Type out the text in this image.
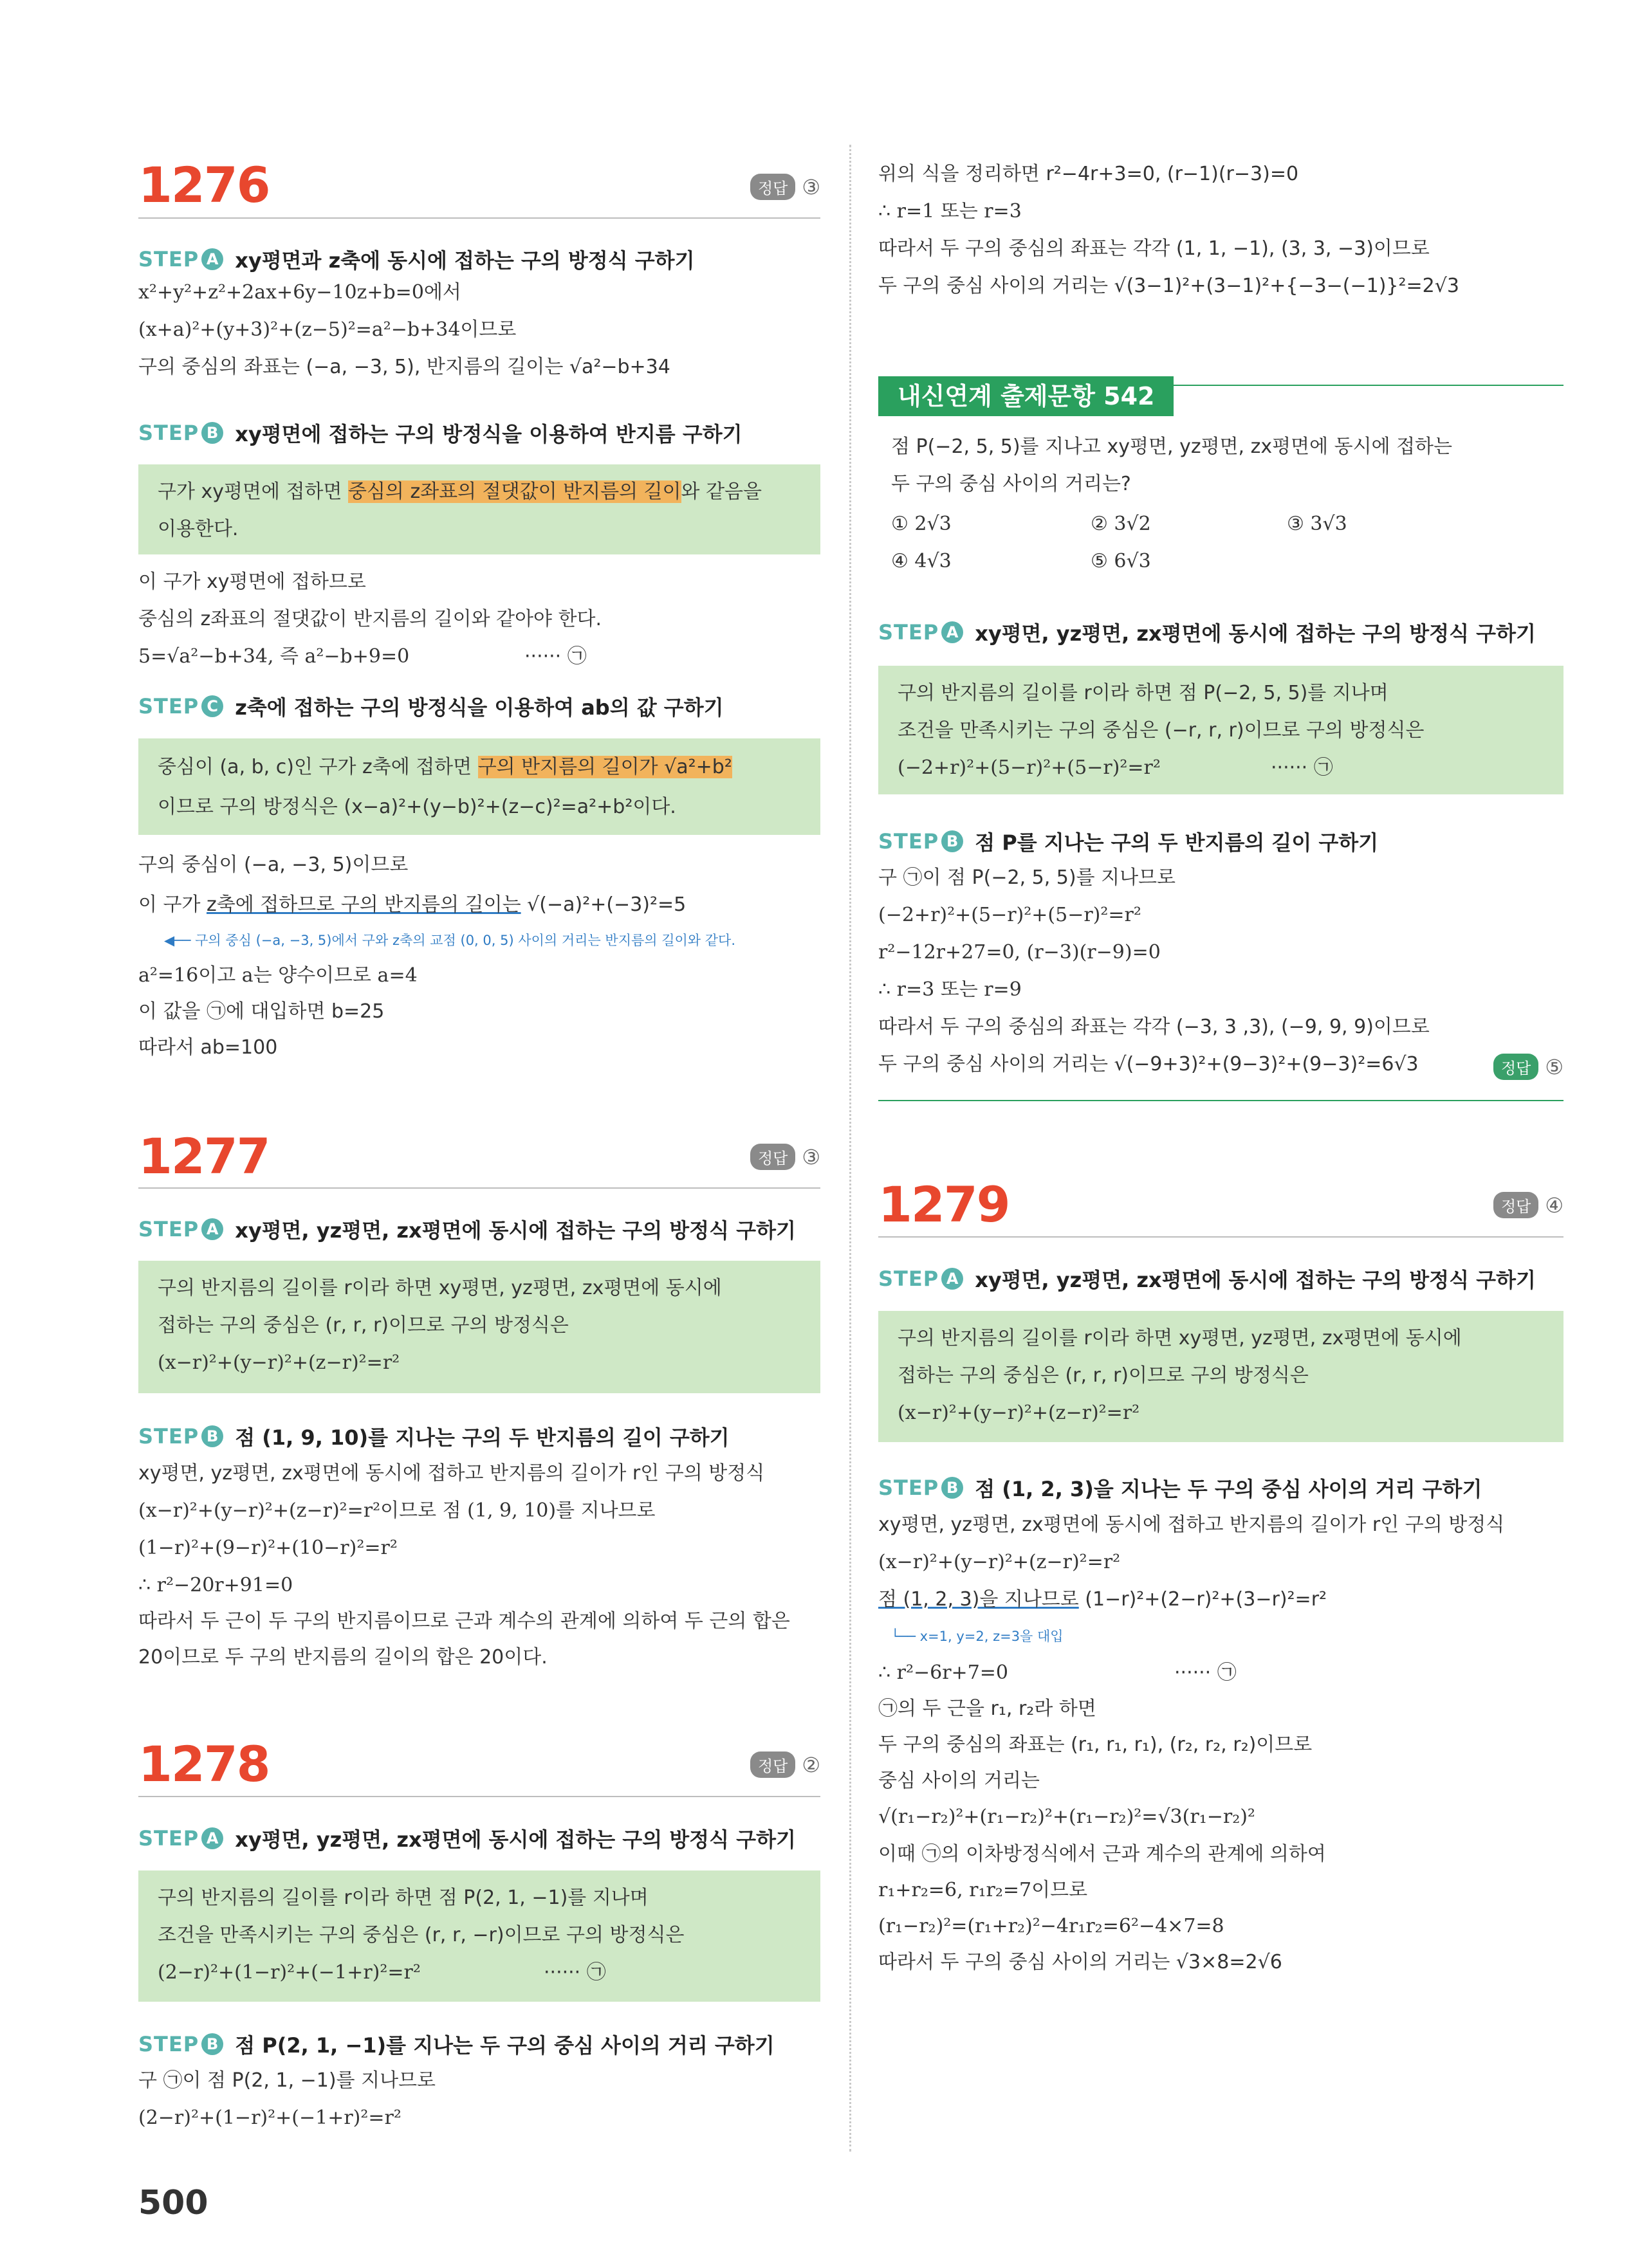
1276	정답 ③
STEP A xy평면과 z축에 동시에 접하는 구의 방정식 구하기
x²+y²+z²+2ax+6y−10z+b=0에서
(x+a)²+(y+3)²+(z−5)²=a²−b+34이므로
구의 중심의 좌표는 (−a, −3, 5), 반지름의 길이는 √a²−b+34
STEP B xy평면에 접하는 구의 방정식을 이용하여 반지름 구하기
구가 xy평면에 접하면 중심의 z좌표의 절댓값이 반지름의 길이와 같음을
이용한다.
이 구가 xy평면에 접하므로
중심의 z좌표의 절댓값이 반지름의 길이와 같아야 한다.
5=√a²−b+34, 즉 a²−b+9=0	······ ㉠
STEP C z축에 접하는 구의 방정식을 이용하여 ab의 값 구하기
중심이 (a, b, c)인 구가 z축에 접하면 구의 반지름의 길이가 √a²+b²
이므로 구의 방정식은 (x−a)²+(y−b)²+(z−c)²=a²+b²이다.
구의 중심이 (−a, −3, 5)이므로
이 구가 z축에 접하므로 구의 반지름의 길이는 √(−a)²+(−3)²=5
◀── 구의 중심 (−a, −3, 5)에서 구와 z축의 교점 (0, 0, 5) 사이의 거리는 반지름의 길이와 같다.
a²=16이고 a는 양수이므로 a=4
이 값을 ㉠에 대입하면 b=25
따라서 ab=100
1277	정답 ③
STEP A xy평면, yz평면, zx평면에 동시에 접하는 구의 방정식 구하기
구의 반지름의 길이를 r이라 하면 xy평면, yz평면, zx평면에 동시에
접하는 구의 중심은 (r, r, r)이므로 구의 방정식은
(x−r)²+(y−r)²+(z−r)²=r²
STEP B 점 (1, 9, 10)를 지나는 구의 두 반지름의 길이 구하기
xy평면, yz평면, zx평면에 동시에 접하고 반지름의 길이가 r인 구의 방정식
(x−r)²+(y−r)²+(z−r)²=r²이므로 점 (1, 9, 10)를 지나므로
(1−r)²+(9−r)²+(10−r)²=r²
∴ r²−20r+91=0
따라서 두 근이 두 구의 반지름이므로 근과 계수의 관계에 의하여 두 근의 합은
20이므로 두 구의 반지름의 길이의 합은 20이다.
1278	정답 ②
STEP A xy평면, yz평면, zx평면에 동시에 접하는 구의 방정식 구하기
구의 반지름의 길이를 r이라 하면 점 P(2, 1, −1)를 지나며
조건을 만족시키는 구의 중심은 (r, r, −r)이므로 구의 방정식은
(2−r)²+(1−r)²+(−1+r)²=r²	······ ㉠
STEP B 점 P(2, 1, −1)를 지나는 두 구의 중심 사이의 거리 구하기
구 ㉠이 점 P(2, 1, −1)를 지나므로
(2−r)²+(1−r)²+(−1+r)²=r²
위의 식을 정리하면 r²−4r+3=0, (r−1)(r−3)=0
∴ r=1 또는 r=3
따라서 두 구의 중심의 좌표는 각각 (1, 1, −1), (3, 3, −3)이므로
두 구의 중심 사이의 거리는 √(3−1)²+(3−1)²+{−3−(−1)}²=2√3
내신연계 출제문항 542
점 P(−2, 5, 5)를 지나고 xy평면, yz평면, zx평면에 동시에 접하는
두 구의 중심 사이의 거리는?
① 2√3	② 3√2	③ 3√3
④ 4√3	⑤ 6√3
STEP A xy평면, yz평면, zx평면에 동시에 접하는 구의 방정식 구하기
구의 반지름의 길이를 r이라 하면 점 P(−2, 5, 5)를 지나며
조건을 만족시키는 구의 중심은 (−r, r, r)이므로 구의 방정식은
(−2+r)²+(5−r)²+(5−r)²=r²	······ ㉠
STEP B 점 P를 지나는 구의 두 반지름의 길이 구하기
구 ㉠이 점 P(−2, 5, 5)를 지나므로
(−2+r)²+(5−r)²+(5−r)²=r²
r²−12r+27=0, (r−3)(r−9)=0
∴ r=3 또는 r=9
따라서 두 구의 중심의 좌표는 각각 (−3, 3 ,3), (−9, 9, 9)이므로
두 구의 중심 사이의 거리는 √(−9+3)²+(9−3)²+(9−3)²=6√3	정답 ⑤
1279	정답 ④
STEP A xy평면, yz평면, zx평면에 동시에 접하는 구의 방정식 구하기
구의 반지름의 길이를 r이라 하면 xy평면, yz평면, zx평면에 동시에
접하는 구의 중심은 (r, r, r)이므로 구의 방정식은
(x−r)²+(y−r)²+(z−r)²=r²
STEP B 점 (1, 2, 3)을 지나는 두 구의 중심 사이의 거리 구하기
xy평면, yz평면, zx평면에 동시에 접하고 반지름의 길이가 r인 구의 방정식
(x−r)²+(y−r)²+(z−r)²=r²
점 (1, 2, 3)을 지나므로 (1−r)²+(2−r)²+(3−r)²=r²
└── x=1, y=2, z=3을 대입
∴ r²−6r+7=0	······ ㉠
㉠의 두 근을 r₁, r₂라 하면
두 구의 중심의 좌표는 (r₁, r₁, r₁), (r₂, r₂, r₂)이므로
중심 사이의 거리는
√(r₁−r₂)²+(r₁−r₂)²+(r₁−r₂)²=√3(r₁−r₂)²
이때 ㉠의 이차방정식에서 근과 계수의 관계에 의하여
r₁+r₂=6, r₁r₂=7이므로
(r₁−r₂)²=(r₁+r₂)²−4r₁r₂=6²−4×7=8
따라서 두 구의 중심 사이의 거리는 √3×8=2√6
500
